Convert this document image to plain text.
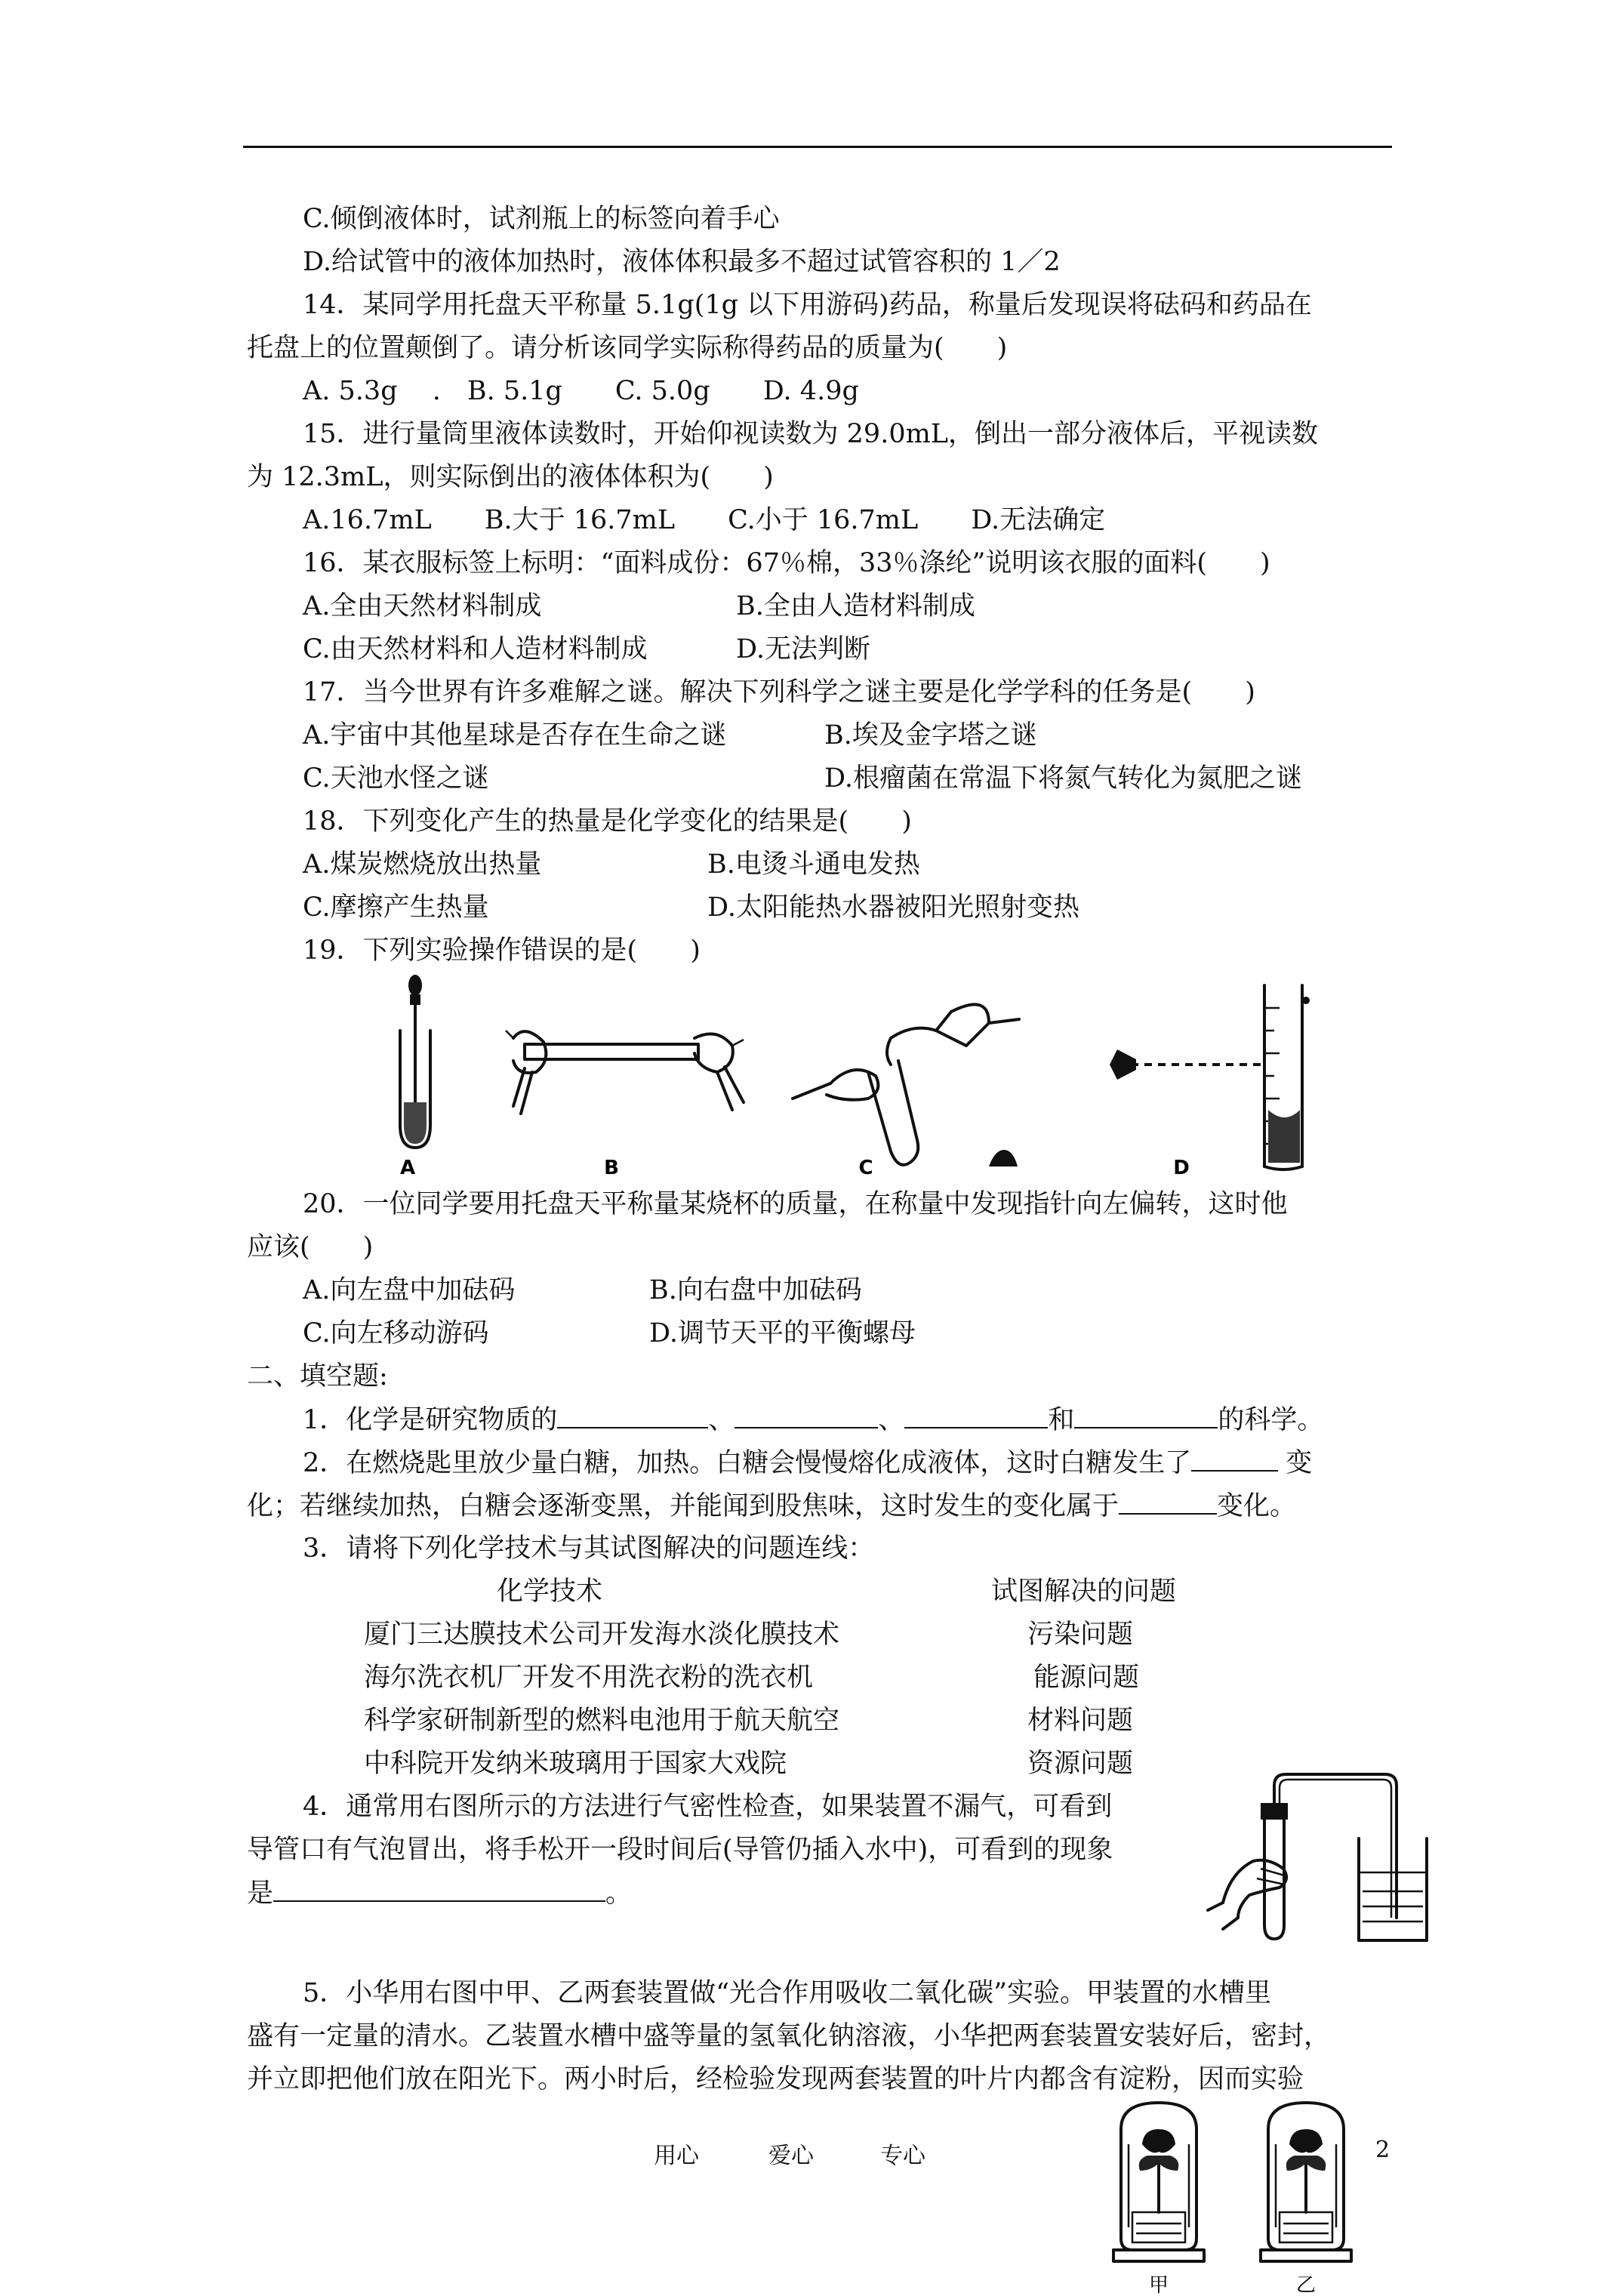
C.倾倒液体时，试剂瓶上的标签向着手心
D.给试管中的液体加热时，液体体积最多不超过试管容积的 1／2
14．某同学用托盘天平称量 5.1g(1g 以下用游码)药品，称量后发现误将砝码和药品在
托盘上的位置颠倒了。请分析该同学实际称得药品的质量为(　　)
A. 5.3g　 .　B. 5.1g　　C. 5.0g　　D. 4.9g
15．进行量筒里液体读数时，开始仰视读数为 29.0mL，倒出一部分液体后，平视读数
为 12.3mL，则实际倒出的液体体积为(　　)
A.16.7mL　　B.大于 16.7mL　　C.小于 16.7mL　　D.无法确定
16．某衣服标签上标明：“面料成份：67％棉，33％涤纶”说明该衣服的面料(　　)
A.全由天然材料制成	B.全由人造材料制成
C.由天然材料和人造材料制成	D.无法判断
17．当今世界有许多难解之谜。解决下列科学之谜主要是化学学科的任务是(　　)
A.宇宙中其他星球是否存在生命之谜	B.埃及金字塔之谜
C.天池水怪之谜	D.根瘤菌在常温下将氮气转化为氮肥之谜
18．下列变化产生的热量是化学变化的结果是(　　)
A.煤炭燃烧放出热量	B.电烫斗通电发热
C.摩擦产生热量	D.太阳能热水器被阳光照射变热
19．下列实验操作错误的是(　　)
A	B	C	D
20．一位同学要用托盘天平称量某烧杯的质量，在称量中发现指针向左偏转，这时他
应该(　　)
A.向左盘中加砝码	B.向右盘中加砝码
C.向左移动游码	D.调节天平的平衡螺母
二、填空题:
1．化学是研究物质的	、	、	和	的科学。
2．在燃烧匙里放少量白糖，加热。白糖会慢慢熔化成液体，这时白糖发生了	变
化；若继续加热，白糖会逐渐变黑，并能闻到股焦味，这时发生的变化属于	变化。
3．请将下列化学技术与其试图解决的问题连线：
化学技术	试图解决的问题
厦门三达膜技术公司开发海水淡化膜技术	污染问题
海尔洗衣机厂开发不用洗衣粉的洗衣机	能源问题
科学家研制新型的燃料电池用于航天航空	材料问题
中科院开发纳米玻璃用于国家大戏院	资源问题
4．通常用右图所示的方法进行气密性检查，如果装置不漏气，可看到
导管口有气泡冒出，将手松开一段时间后(导管仍插入水中)，可看到的现象
是	。
5．小华用右图中甲、乙两套装置做“光合作用吸收二氧化碳”实验。甲装置的水槽里
盛有一定量的清水。乙装置水槽中盛等量的氢氧化钠溶液，小华把两套装置安装好后，密封，
并立即把他们放在阳光下。两小时后，经检验发现两套装置的叶片内都含有淀粉，因而实验
甲	乙
用心	爱心	专心	2
